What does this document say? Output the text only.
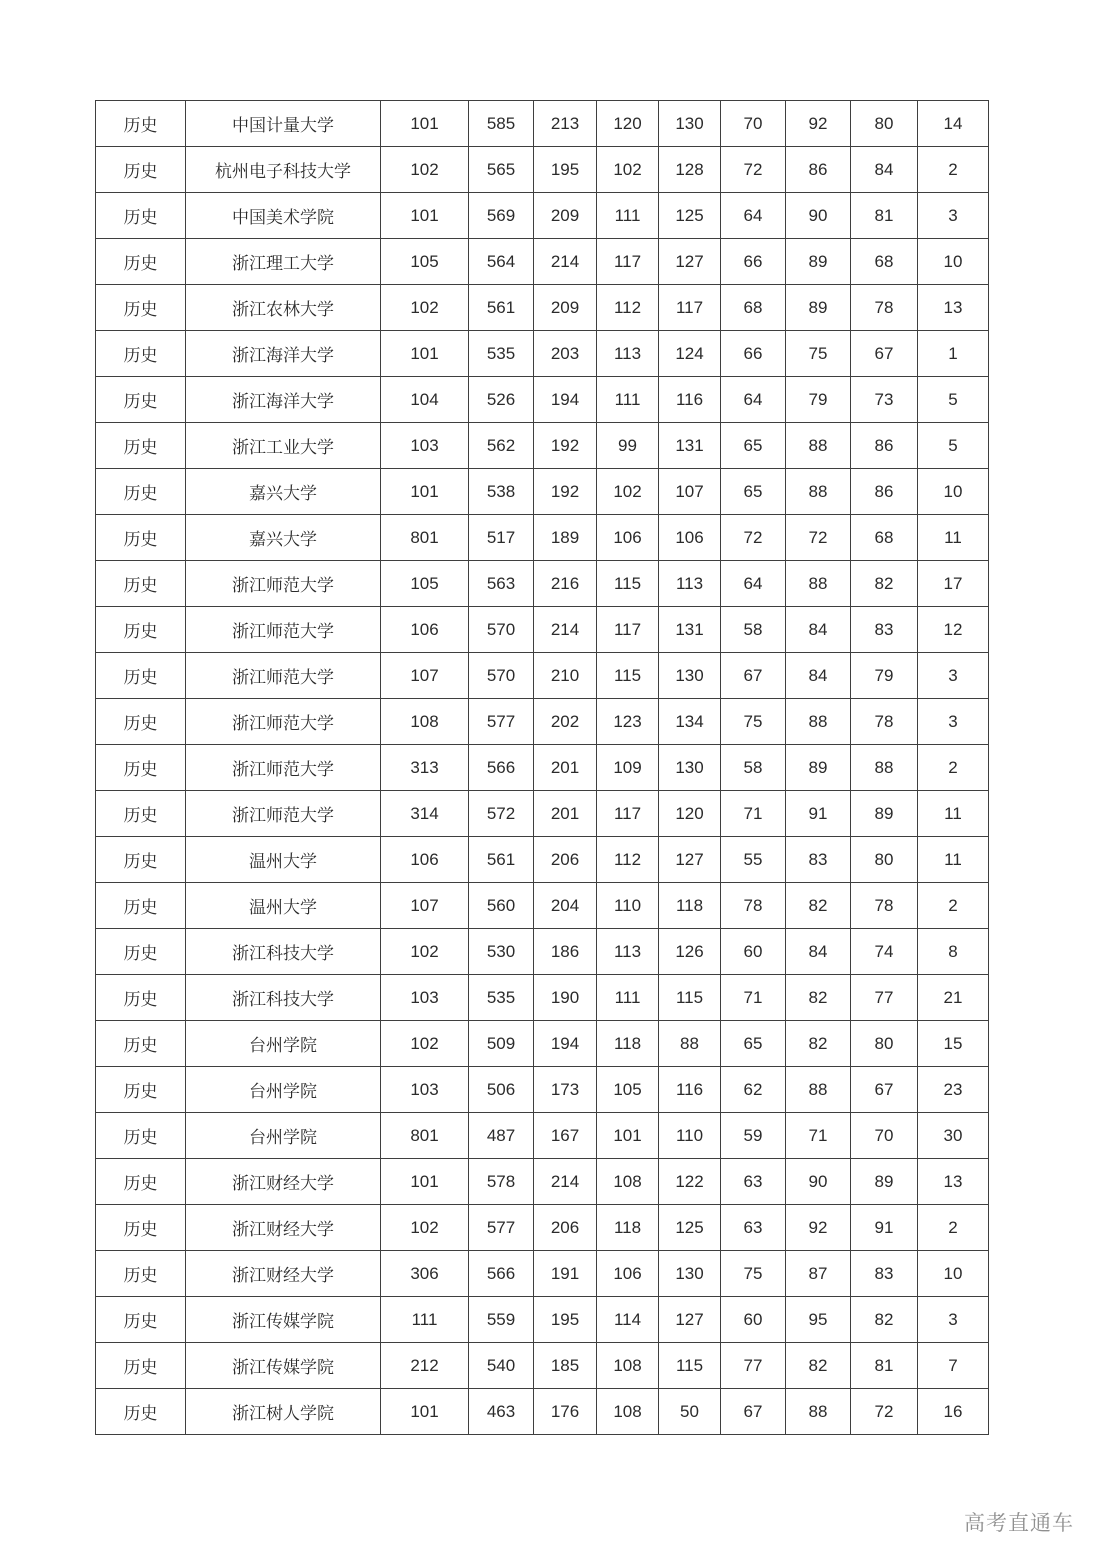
历史	中国计量大学	101	585	213	120	130	70	92	80	14
历史	杭州电子科技大学	102	565	195	102	128	72	86	84	2
历史	中国美术学院	101	569	209	111	125	64	90	81	3
历史	浙江理工大学	105	564	214	117	127	66	89	68	10
历史	浙江农林大学	102	561	209	112	117	68	89	78	13
历史	浙江海洋大学	101	535	203	113	124	66	75	67	1
历史	浙江海洋大学	104	526	194	111	116	64	79	73	5
历史	浙江工业大学	103	562	192	99	131	65	88	86	5
历史	嘉兴大学	101	538	192	102	107	65	88	86	10
历史	嘉兴大学	801	517	189	106	106	72	72	68	11
历史	浙江师范大学	105	563	216	115	113	64	88	82	17
历史	浙江师范大学	106	570	214	117	131	58	84	83	12
历史	浙江师范大学	107	570	210	115	130	67	84	79	3
历史	浙江师范大学	108	577	202	123	134	75	88	78	3
历史	浙江师范大学	313	566	201	109	130	58	89	88	2
历史	浙江师范大学	314	572	201	117	120	71	91	89	11
历史	温州大学	106	561	206	112	127	55	83	80	11
历史	温州大学	107	560	204	110	118	78	82	78	2
历史	浙江科技大学	102	530	186	113	126	60	84	74	8
历史	浙江科技大学	103	535	190	111	115	71	82	77	21
历史	台州学院	102	509	194	118	88	65	82	80	15
历史	台州学院	103	506	173	105	116	62	88	67	23
历史	台州学院	801	487	167	101	110	59	71	70	30
历史	浙江财经大学	101	578	214	108	122	63	90	89	13
历史	浙江财经大学	102	577	206	118	125	63	92	91	2
历史	浙江财经大学	306	566	191	106	130	75	87	83	10
历史	浙江传媒学院	111	559	195	114	127	60	95	82	3
历史	浙江传媒学院	212	540	185	108	115	77	82	81	7
历史	浙江树人学院	101	463	176	108	50	67	88	72	16
高考直通车
